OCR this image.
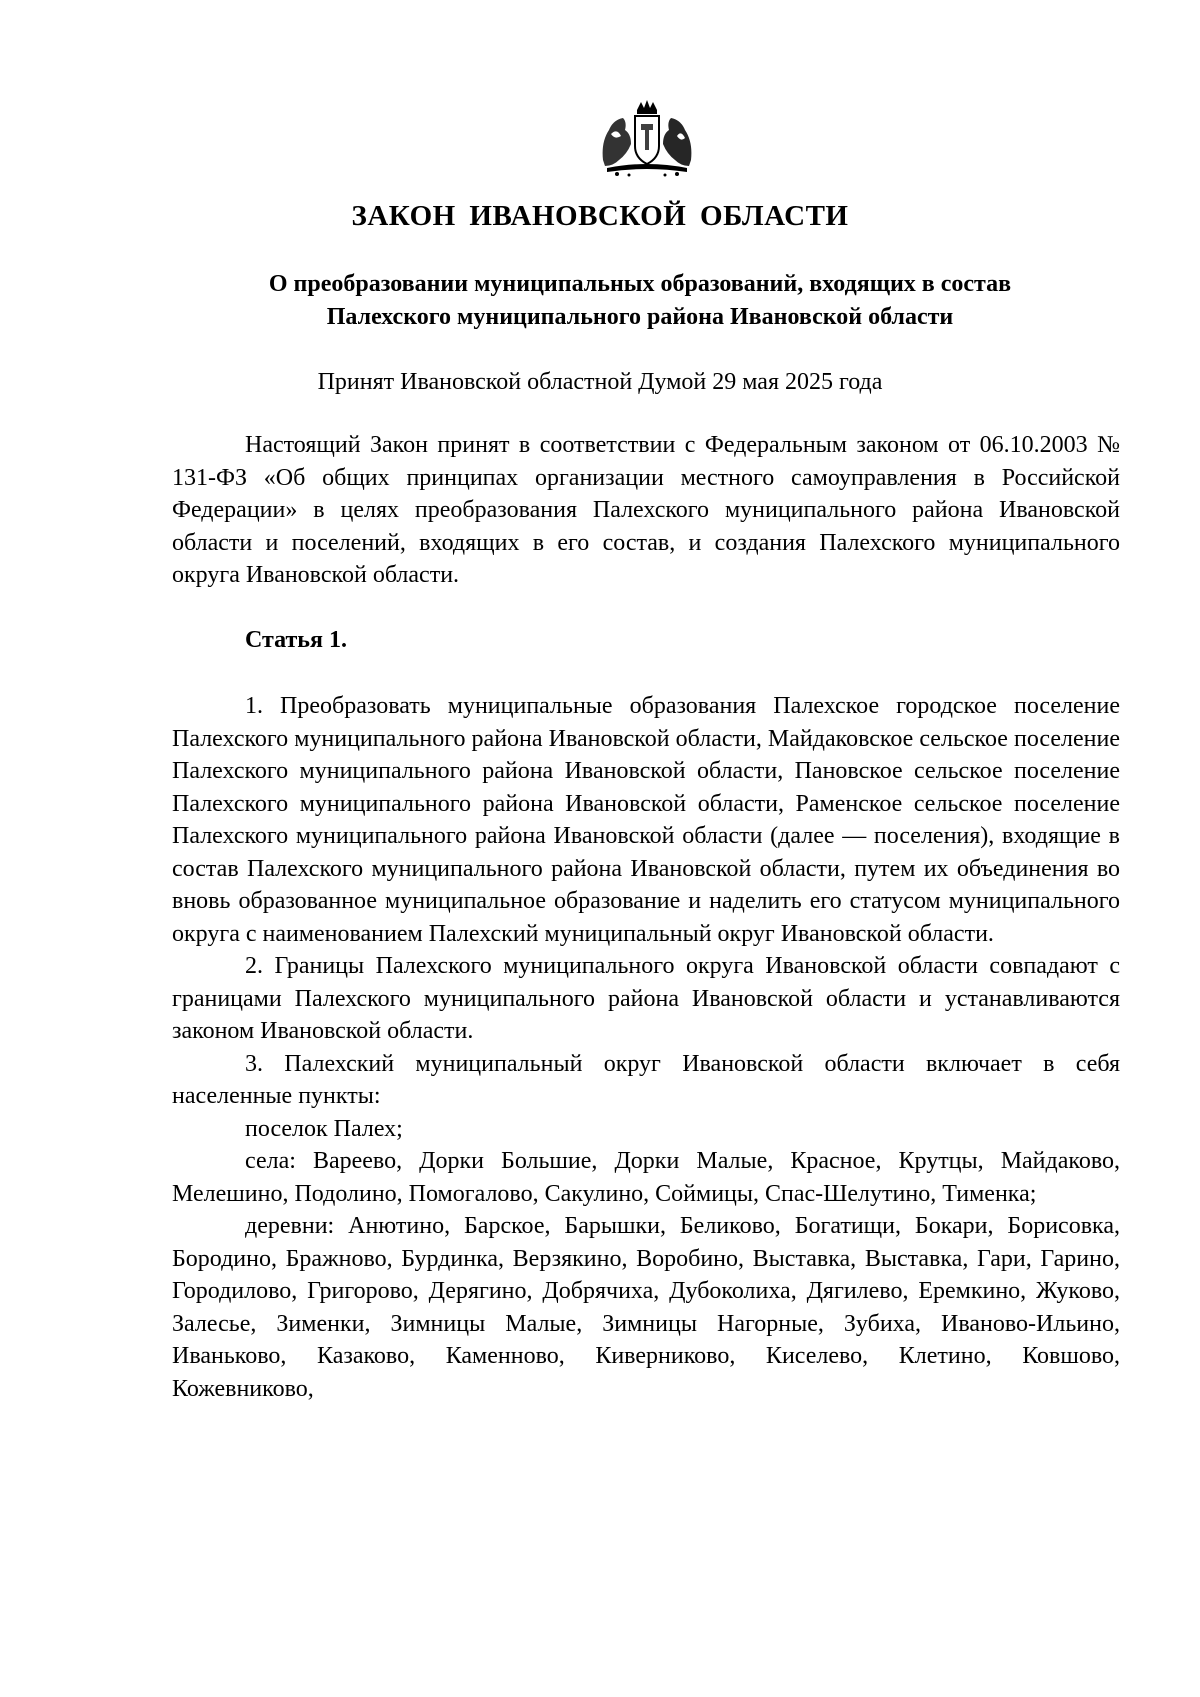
ЗАКОН ИВАНОВСКОЙ ОБЛАСТИ
О преобразовании муниципальных образований, входящих в состав
Палехского муниципального района Ивановской области
Принят Ивановской областной Думой 29 мая 2025 года

Настоящий Закон принят в соответствии с Федеральным законом от 06.10.2003 № 131-ФЗ «Об общих принципах организации местного самоуправления в Российской Федерации» в целях преобразования Палехского муниципального района Ивановской области и поселений, входящих в его состав, и создания Палехского муниципального округа Ивановской области.

Статья 1.

1. Преобразовать муниципальные образования Палехское городское поселение Палехского муниципального района Ивановской области, Майдаковское сельское поселение Палехского муниципального района Ивановской области, Пановское сельское поселение Палехского муниципального района Ивановской области, Раменское сельское поселение Палехского муниципального района Ивановской области (далее — поселения), входящие в состав Палехского муниципального района Ивановской области, путем их объединения во вновь образованное муниципальное образование и наделить его статусом муниципального округа с наименованием Палехский муниципальный округ Ивановской области.

2. Границы Палехского муниципального округа Ивановской области совпадают с границами Палехского муниципального района Ивановской области и устанавливаются законом Ивановской области.

3. Палехский муниципальный округ Ивановской области включает в себя населенные пункты:

поселок Палех;

села: Вареево, Дорки Большие, Дорки Малые, Красное, Крутцы, Майдаково, Мелешино, Подолино, Помогалово, Сакулино, Соймицы, Спас-Шелутино, Тименка;

деревни: Анютино, Барское, Барышки, Беликово, Богатищи, Бокари, Борисовка, Бородино, Бражново, Бурдинка, Верзякино, Воробино, Выставка, Выставка, Гари, Гарино, Городилово, Григорово, Дерягино, Добрячиха, Дубоколиха, Дягилево, Еремкино, Жуково, Залесье, Зименки, Зимницы Малые, Зимницы Нагорные, Зубиха, Иваново-Ильино, Иваньково, Казаково, Каменново, Киверниково, Киселево, Клетино, Ковшово, Кожевниково,
